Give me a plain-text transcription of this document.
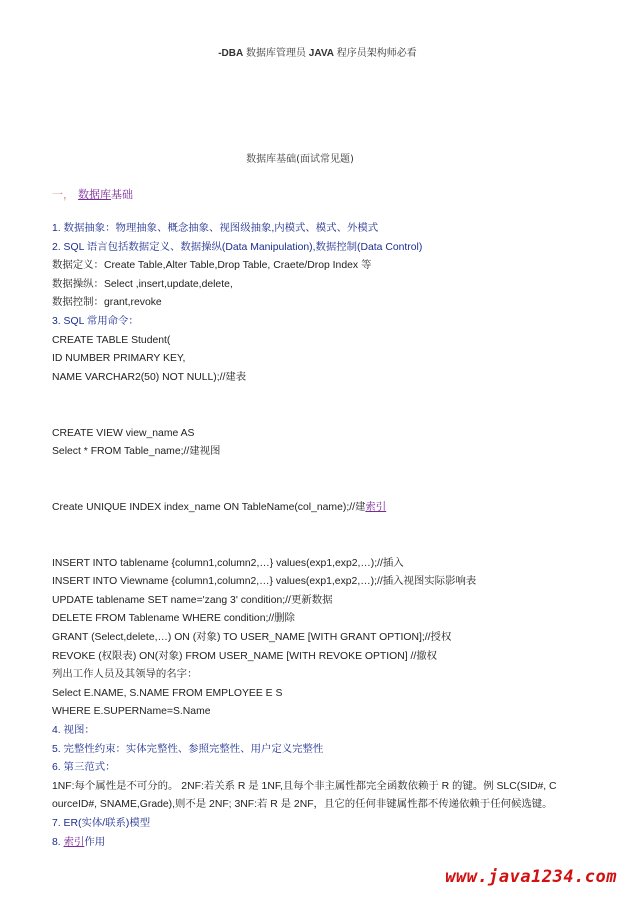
-DBA 数据库管理员 JAVA 程序员架构师必看
数据库基础(面试常见题)
一， 数据库基础
1. 数据抽象：物理抽象、概念抽象、视图级抽象,内模式、模式、外模式
2. SQL 语言包括数据定义、数据操纵(Data Manipulation),数据控制(Data Control)
数据定义：Create Table,Alter Table,Drop Table, Craete/Drop Index 等
数据操纵：Select ,insert,update,delete,
数据控制：grant,revoke
3. SQL 常用命令：
CREATE TABLE Student(
ID NUMBER PRIMARY KEY,
NAME VARCHAR2(50) NOT NULL);//建表
CREATE VIEW view_name AS
Select * FROM Table_name;//建视图
Create UNIQUE INDEX index_name ON TableName(col_name);//建索引
INSERT INTO tablename {column1,column2,…} values(exp1,exp2,…);//插入
INSERT INTO Viewname {column1,column2,…} values(exp1,exp2,…);//插入视图实际影响表
UPDATE tablename SET name='zang 3' condition;//更新数据
DELETE FROM Tablename WHERE condition;//删除
GRANT (Select,delete,…) ON (对象) TO USER_NAME [WITH GRANT OPTION];//授权
REVOKE (权限表) ON(对象) FROM USER_NAME [WITH REVOKE OPTION] //撤权
列出工作人员及其领导的名字：
Select E.NAME, S.NAME FROM EMPLOYEE E S
WHERE E.SUPERName=S.Name
4. 视图：
5. 完整性约束：实体完整性、参照完整性、用户定义完整性
6. 第三范式：
1NF:每个属性是不可分的。 2NF:若关系 R 是 1NF,且每个非主属性都完全函数依赖于 R 的键。例 SLC(SID#, CourceID#, SNAME,Grade),则不是 2NF; 3NF:若 R 是 2NF，且它的任何非键属性都不传递依赖于任何候选键。
7. ER(实体/联系)模型
8. 索引作用
www.java1234.com
